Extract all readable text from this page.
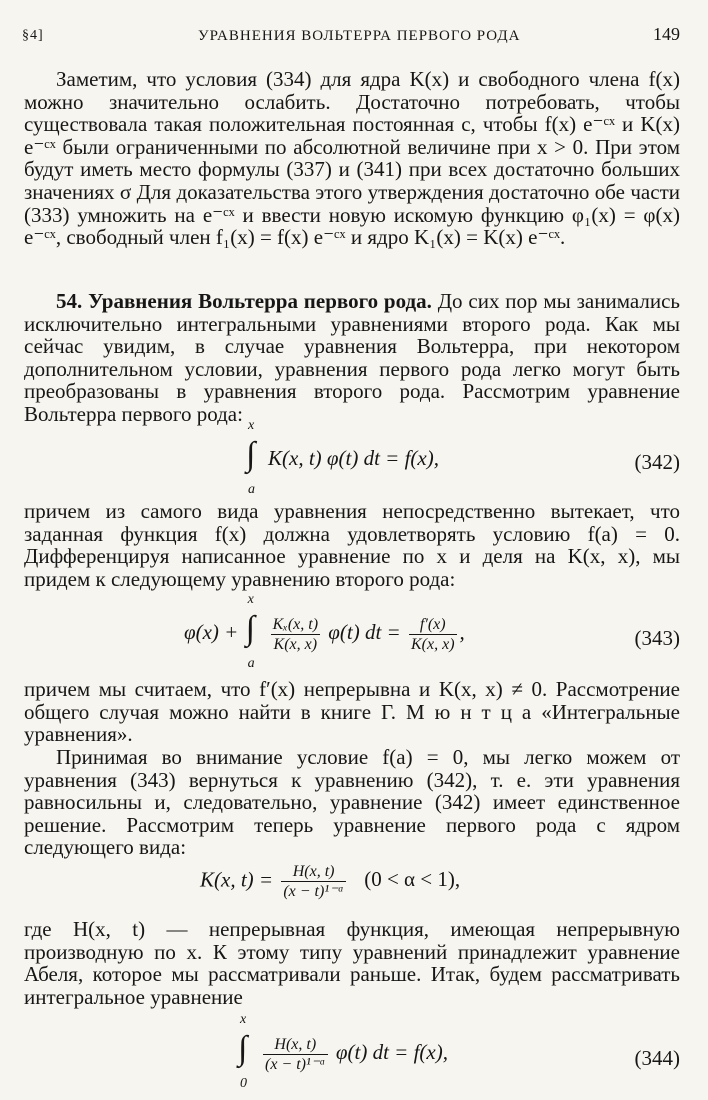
§4]	УРАВНЕНИЯ ВОЛЬТЕРРА ПЕРВОГО РОДА	149

Заметим, что условия (334) для ядра K(x) и свободного члена f(x) можно значительно ослабить. Достаточно потребовать, чтобы существовала такая положительная постоянная c, чтобы f(x) e⁻ᶜˣ и K(x) e⁻ᶜˣ были ограниченными по абсолютной величине при x > 0. При этом будут иметь место формулы (337) и (341) при всех достаточно больших значениях σ Для доказательства этого утверждения достаточно обе части (333) умножить на e⁻ᶜˣ и ввести новую искомую функцию φ₁(x) = φ(x) e⁻ᶜˣ, свободный член f₁(x) = f(x) e⁻ᶜˣ и ядро K₁(x) = K(x) e⁻ᶜˣ.

54. Уравнения Вольтерра первого рода. До сих пор мы занимались исключительно интегральными уравнениями второго рода. Как мы сейчас увидим, в случае уравнения Вольтерра, при некотором дополнительном условии, уравнения первого рода легко могут быть преобразованы в уравнения второго рода. Рассмотрим уравнение Вольтерра первого рода: x
∫
a
K(x, t) φ(t) dt = f(x),	(342)

причем из самого вида уравнения непосредственно вытекает, что заданная функция f(x) должна удовлетворять условию f(a) = 0. Дифференцируя написанное уравнение по x и деля на K(x, x), мы придем к следующему уравнению второго рода:

φ(x) +
x
∫
a
$\frac{\text{Kₓ(x, t)}}{K(x, x)} \varphi(t)$ dt = $\frac{f'(x)}{K(x, x)}$ ,	(343)

причем мы считаем, что f′(x) непрерывна и K(x, x) ≠ 0. Рассмотрение общего случая можно найти в книге Г. М ю н т ц а «Интегральные уравнения».

Принимая во внимание условие f(a) = 0, мы легко можем от уравнения (343) вернуться к уравнению (342), т. е. эти уравнения равносильны и, следовательно, уравнение (342) имеет единственное решение. Рассмотрим теперь уравнение первого рода с ядром следующего вида:

K(x, $t) = \frac{H(x, t)}{\text{(x − t)¹⁻ᵅ}} (0 < \alpha < 1)$,

где H(x, t) — непрерывная функция, имеющая непрерывную производную по x. К этому типу уравнений принадлежит уравнение Абеля, которое мы рассматривали раньше. Итак, будем рассматривать интегральное уравнение

x
∫
0
$\frac{H(x, t)}{\text{(x − t)¹⁻ᵅ}} \varphi(t)$ dt = f(x),	(344)
